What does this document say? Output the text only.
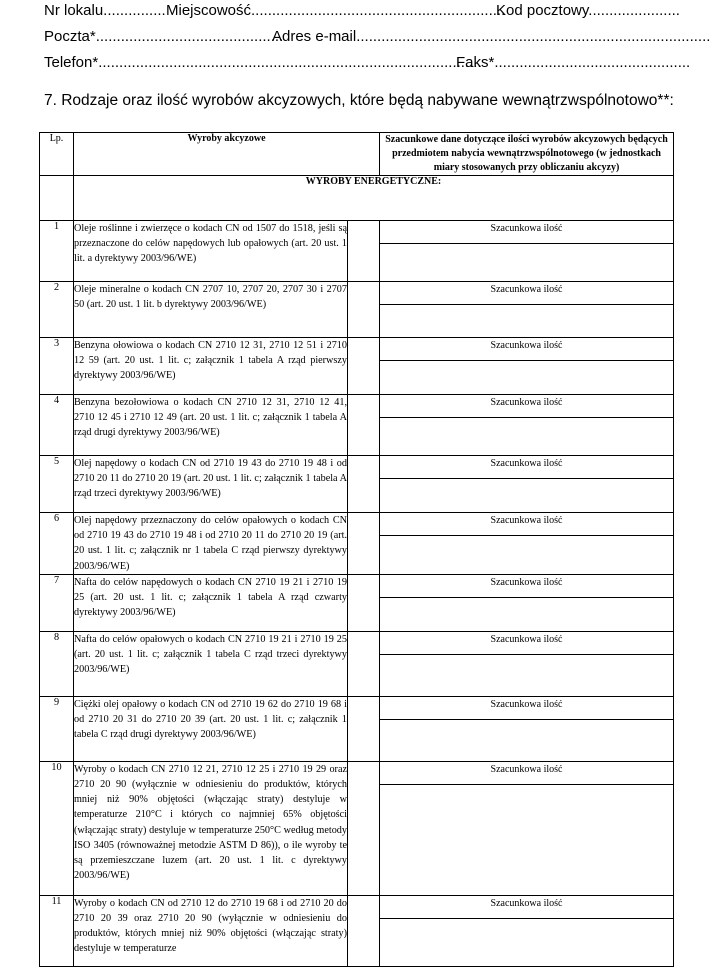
Nr lokalu............... Miejscowość.............................................................
Kod pocztowy......................
Poczta*.............................................
Adres e-mail.....................................................................................
Telefon*............................................................................................
Faks*...............................................
7. Rodzaje oraz ilość wyrobów akcyzowych, które będą nabywane wewnątrzwspólnotowo**:
Lp.	Wyroby akcyzowe		Szacunkowe dane dotyczące ilości wyrobów akcyzowych będących przedmiotem nabycia wewnątrzwspólnotowego (w jednostkach miary stosowanych przy obliczaniu akcyzy)
	WYROBY ENERGETYCZNE:		
1	Oleje roślinne i zwierzęce o kodach CN od 1507 do 1518, jeśli są przeznaczone do celów napędowych lub opałowych (art. 20 ust. 1 lit. a dyrektywy 2003/96/WE)		Szacunkowa ilość

2	Oleje mineralne o kodach CN 2707 10, 2707 20, 2707 30 i 2707 50 (art. 20 ust. 1 lit. b dyrektywy 2003/96/WE)		Szacunkowa ilość

3	Benzyna ołowiowa o kodach CN 2710 12 31, 2710 12 51 i 2710 12 59 (art. 20 ust. 1 lit. c; załącznik 1 tabela A rząd pierwszy dyrektywy 2003/96/WE)		Szacunkowa ilość

4	Benzyna bezołowiowa o kodach CN 2710 12 31, 2710 12 41, 2710 12 45 i 2710 12 49 (art. 20 ust. 1 lit. c; załącznik 1 tabela A rząd drugi dyrektywy 2003/96/WE)		Szacunkowa ilość

5	Olej napędowy o kodach CN od 2710 19 43 do 2710 19 48 i od 2710 20 11 do 2710 20 19 (art. 20 ust. 1 lit. c; załącznik 1 tabela A rząd trzeci dyrektywy 2003/96/WE)		Szacunkowa ilość

6	Olej napędowy przeznaczony do celów opałowych o kodach CN od 2710 19 43 do 2710 19 48 i od 2710 20 11 do 2710 20 19 (art. 20 ust. 1 lit. c; załącznik nr 1 tabela C rząd pierwszy dyrektywy 2003/96/WE)		Szacunkowa ilość

7	Nafta do celów napędowych o kodach CN 2710 19 21 i 2710 19 25 (art. 20 ust. 1 lit. c; załącznik 1 tabela A rząd czwarty dyrektywy 2003/96/WE)		Szacunkowa ilość

8	Nafta do celów opałowych o kodach CN 2710 19 21 i 2710 19 25 (art. 20 ust. 1 lit. c; załącznik 1 tabela C rząd trzeci dyrektywy 2003/96/WE)		Szacunkowa ilość

9	Ciężki olej opałowy o kodach CN od 2710 19 62 do 2710 19 68 i od 2710 20 31 do 2710 20 39 (art. 20 ust. 1 lit. c; załącznik 1 tabela C rząd drugi dyrektywy 2003/96/WE)		Szacunkowa ilość

10	Wyroby o kodach CN 2710 12 21, 2710 12 25 i 2710 19 29 oraz 2710 20 90 (wyłącznie w odniesieniu do produktów, których mniej niż 90% objętości (włączając straty) destyluje w temperaturze 210°C i których co najmniej 65% objętości (włączając straty) destyluje w temperaturze 250°C według metody ISO 3405 (równoważnej metodzie ASTM D 86)), o ile wyroby te są przemieszczane luzem (art. 20 ust. 1 lit. c dyrektywy 2003/96/WE)		Szacunkowa ilość

11	Wyroby o kodach CN od 2710 12 do 2710 19 68 i od 2710 20 do 2710 20 39 oraz 2710 20 90 (wyłącznie w odniesieniu do produktów, których mniej niż 90% objętości (włączając straty) destyluje w temperaturze		Szacunkowa ilość
